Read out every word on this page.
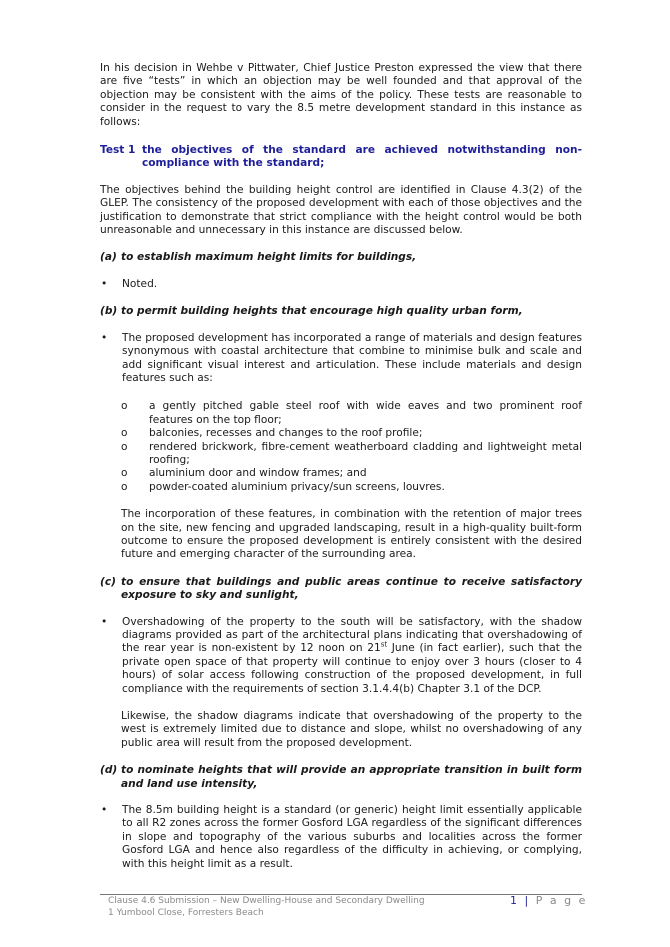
In his decision in Wehbe v Pittwater, Chief Justice Preston expressed the view that there are five “tests” in which an objection may be well founded and that approval of the objection may be consistent with the aims of the policy. These tests are reasonable to consider in the request to vary the 8.5 metre development standard in this instance as follows:

Test 1 the objectives of the standard are achieved notwithstanding non-compliance with the standard;

The objectives behind the building height control are identified in Clause 4.3(2) of the GLEP. The consistency of the proposed development with each of those objectives and the justification to demonstrate that strict compliance with the height control would be both unreasonable and unnecessary in this instance are discussed below.

(a) to establish maximum height limits for buildings,
•	Noted.
(b) to permit building heights that encourage high quality urban form,
•	The proposed development has incorporated a range of materials and design features synonymous with coastal architecture that combine to minimise bulk and scale and add significant visual interest and articulation. These include materials and design features such as:
o	a gently pitched gable steel roof with wide eaves and two prominent roof features on the top floor;
o	balconies, recesses and changes to the roof profile;
o	rendered brickwork, fibre-cement weatherboard cladding and lightweight metal roofing;
o	aluminium door and window frames; and
o	powder-coated aluminium privacy/sun screens, louvres.

The incorporation of these features, in combination with the retention of major trees on the site, new fencing and upgraded landscaping, result in a high-quality built-form outcome to ensure the proposed development is entirely consistent with the desired future and emerging character of the surrounding area.

(c) to ensure that buildings and public areas continue to receive satisfactory exposure to sky and sunlight,
•	Overshadowing of the property to the south will be satisfactory, with the shadow diagrams provided as part of the architectural plans indicating that overshadowing of the rear year is non-existent by 12 noon on 21st June (in fact earlier), such that the private open space of that property will continue to enjoy over 3 hours (closer to 4 hours) of solar access following construction of the proposed development, in full compliance with the requirements of section 3.1.4.4(b) Chapter 3.1 of the DCP.

Likewise, the shadow diagrams indicate that overshadowing of the property to the west is extremely limited due to distance and slope, whilst no overshadowing of any public area will result from the proposed development.

(d) to nominate heights that will provide an appropriate transition in built form and land use intensity,
•	The 8.5m building height is a standard (or generic) height limit essentially applicable to all R2 zones across the former Gosford LGA regardless of the significant differences in slope and topography of the various suburbs and localities across the former Gosford LGA and hence also regardless of the difficulty in achieving, or complying, with this height limit as a result.
Clause 4.6 Submission – New Dwelling-House and Secondary Dwelling
1 Yumbool Close, Forresters Beach
1 | P a g e
